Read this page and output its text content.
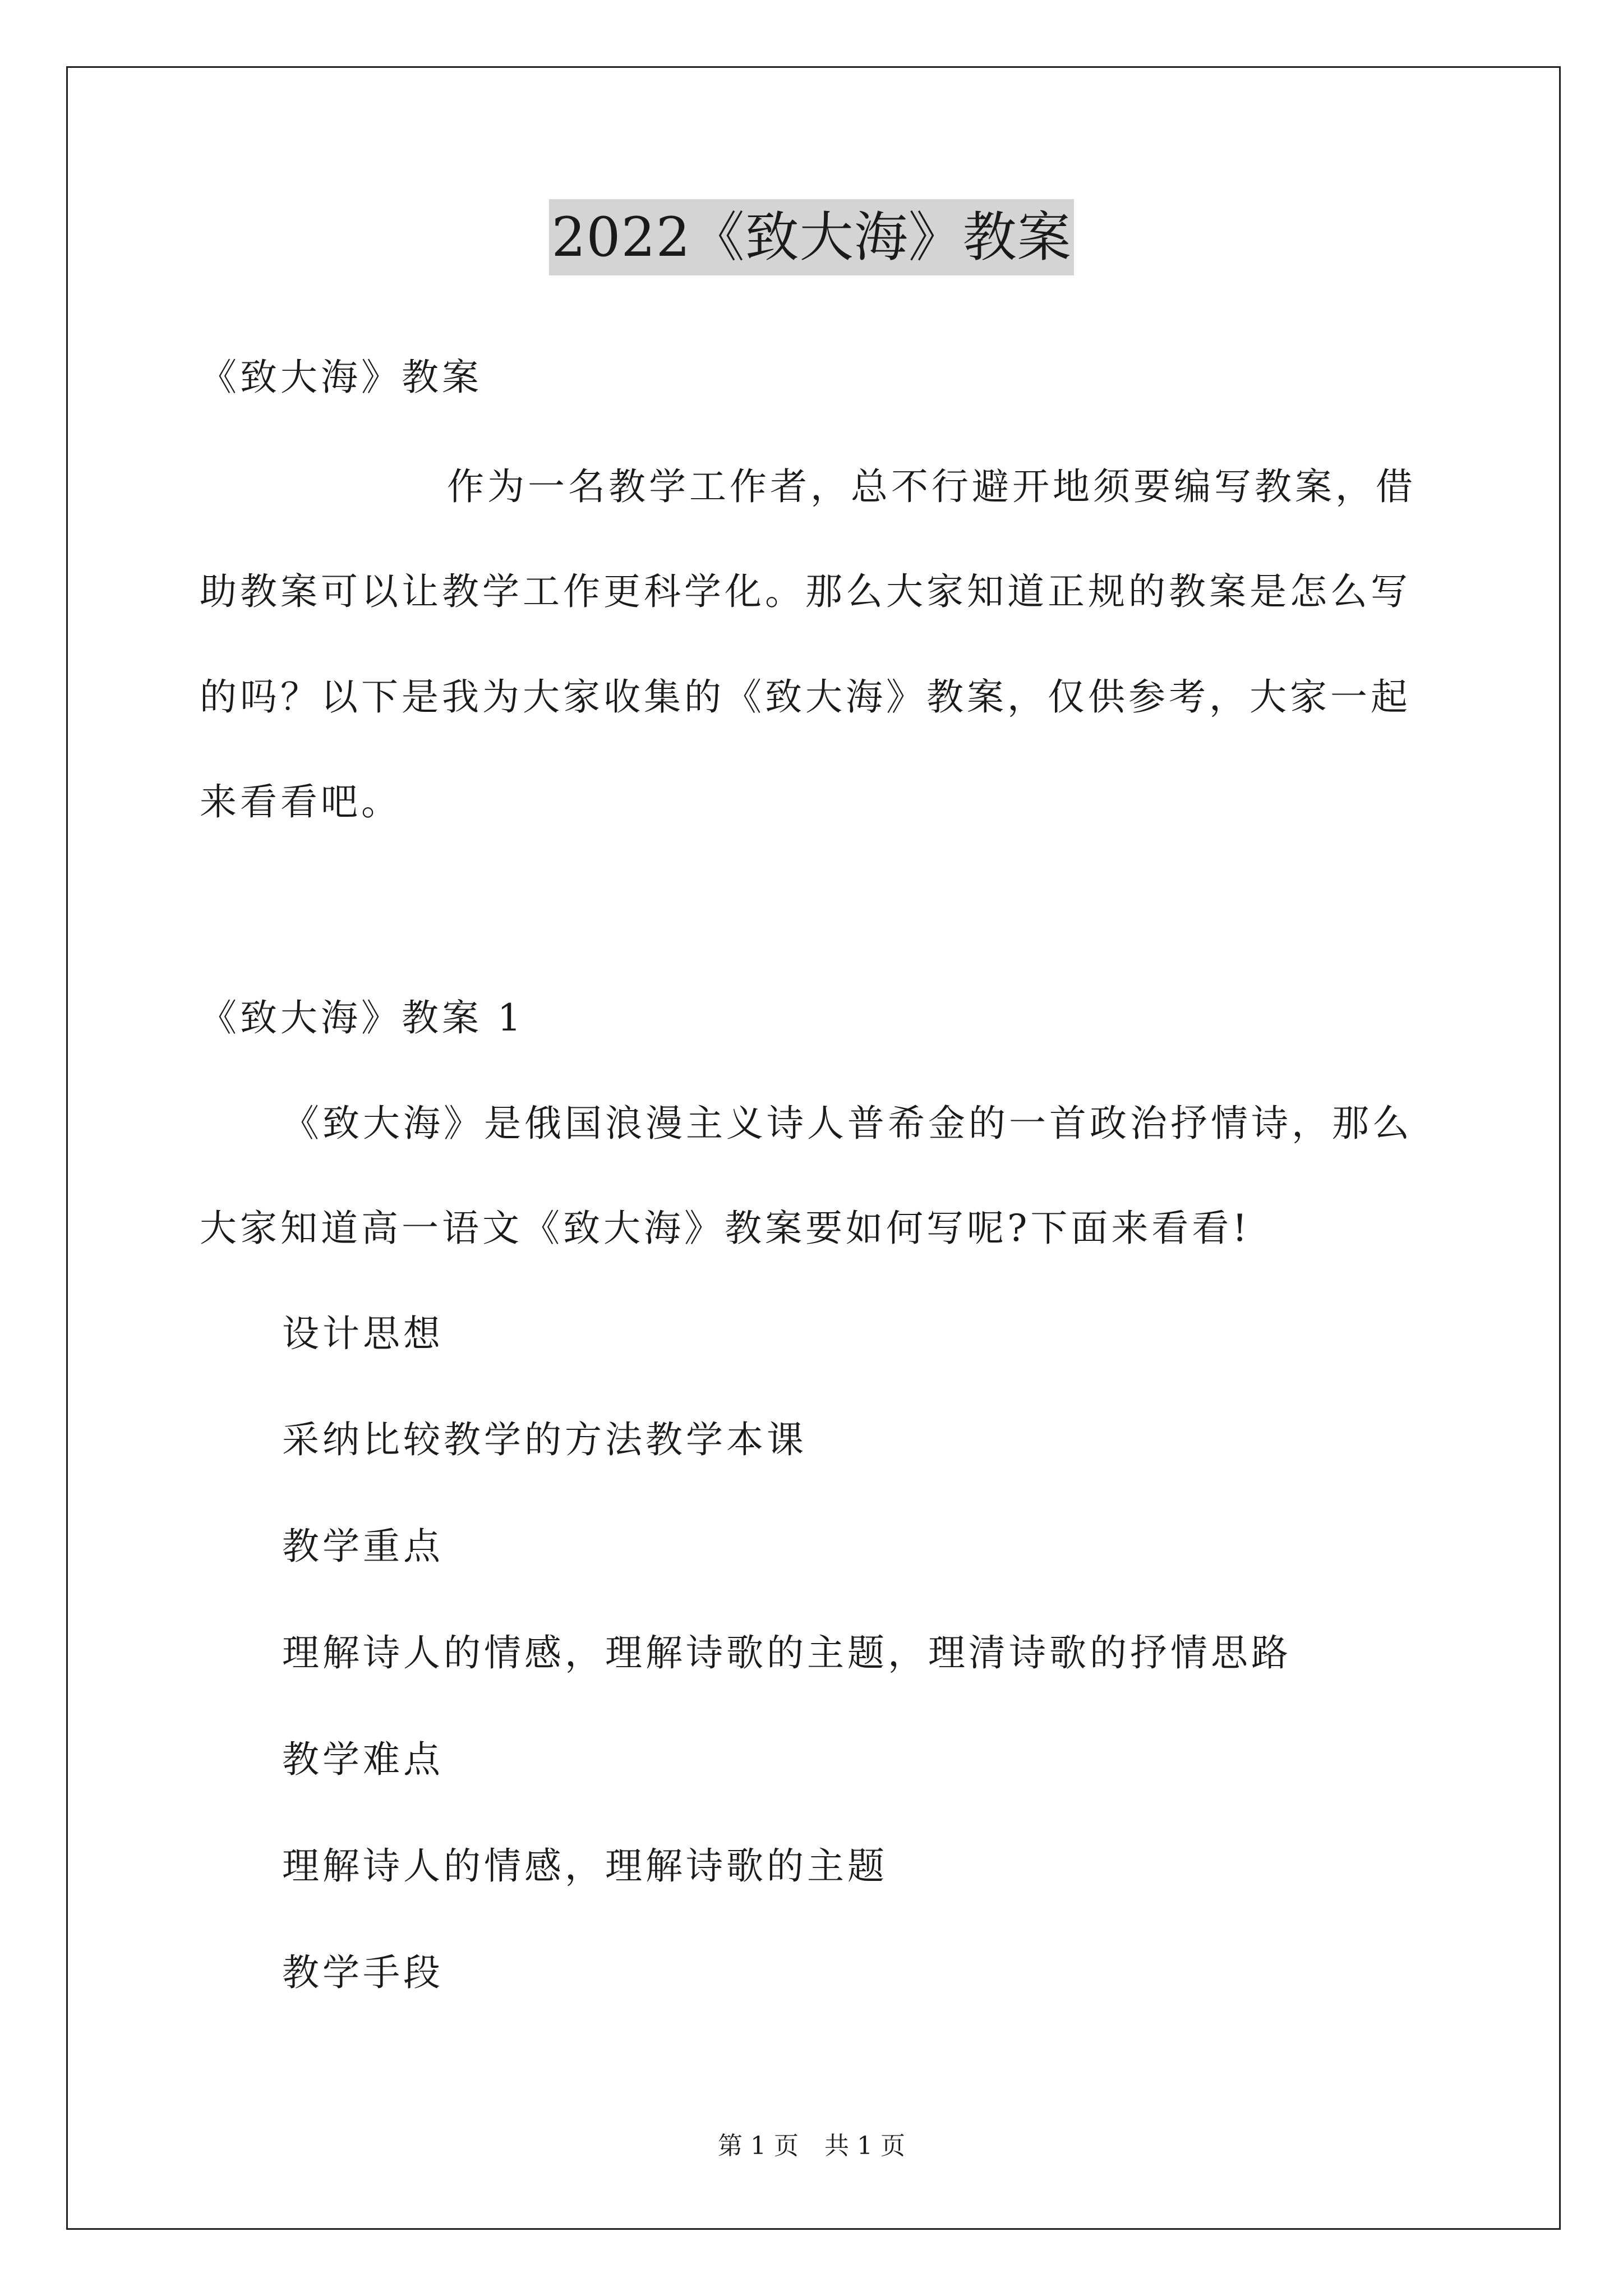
2022《致大海》教案
《致大海》教案
作为一名教学工作者，总不行避开地须要编写教案，借
助教案可以让教学工作更科学化。那么大家知道正规的教案是怎么写
的吗？以下是我为大家收集的《致大海》教案，仅供参考，大家一起
来看看吧。
《致大海》教案 1
《致大海》是俄国浪漫主义诗人普希金的一首政治抒情诗，那么
大家知道高一语文《致大海》教案要如何写呢?下面来看看!
设计思想
采纳比较教学的方法教学本课
教学重点
理解诗人的情感，理解诗歌的主题，理清诗歌的抒情思路
教学难点
理解诗人的情感，理解诗歌的主题
教学手段
第 1 页 共 1 页
